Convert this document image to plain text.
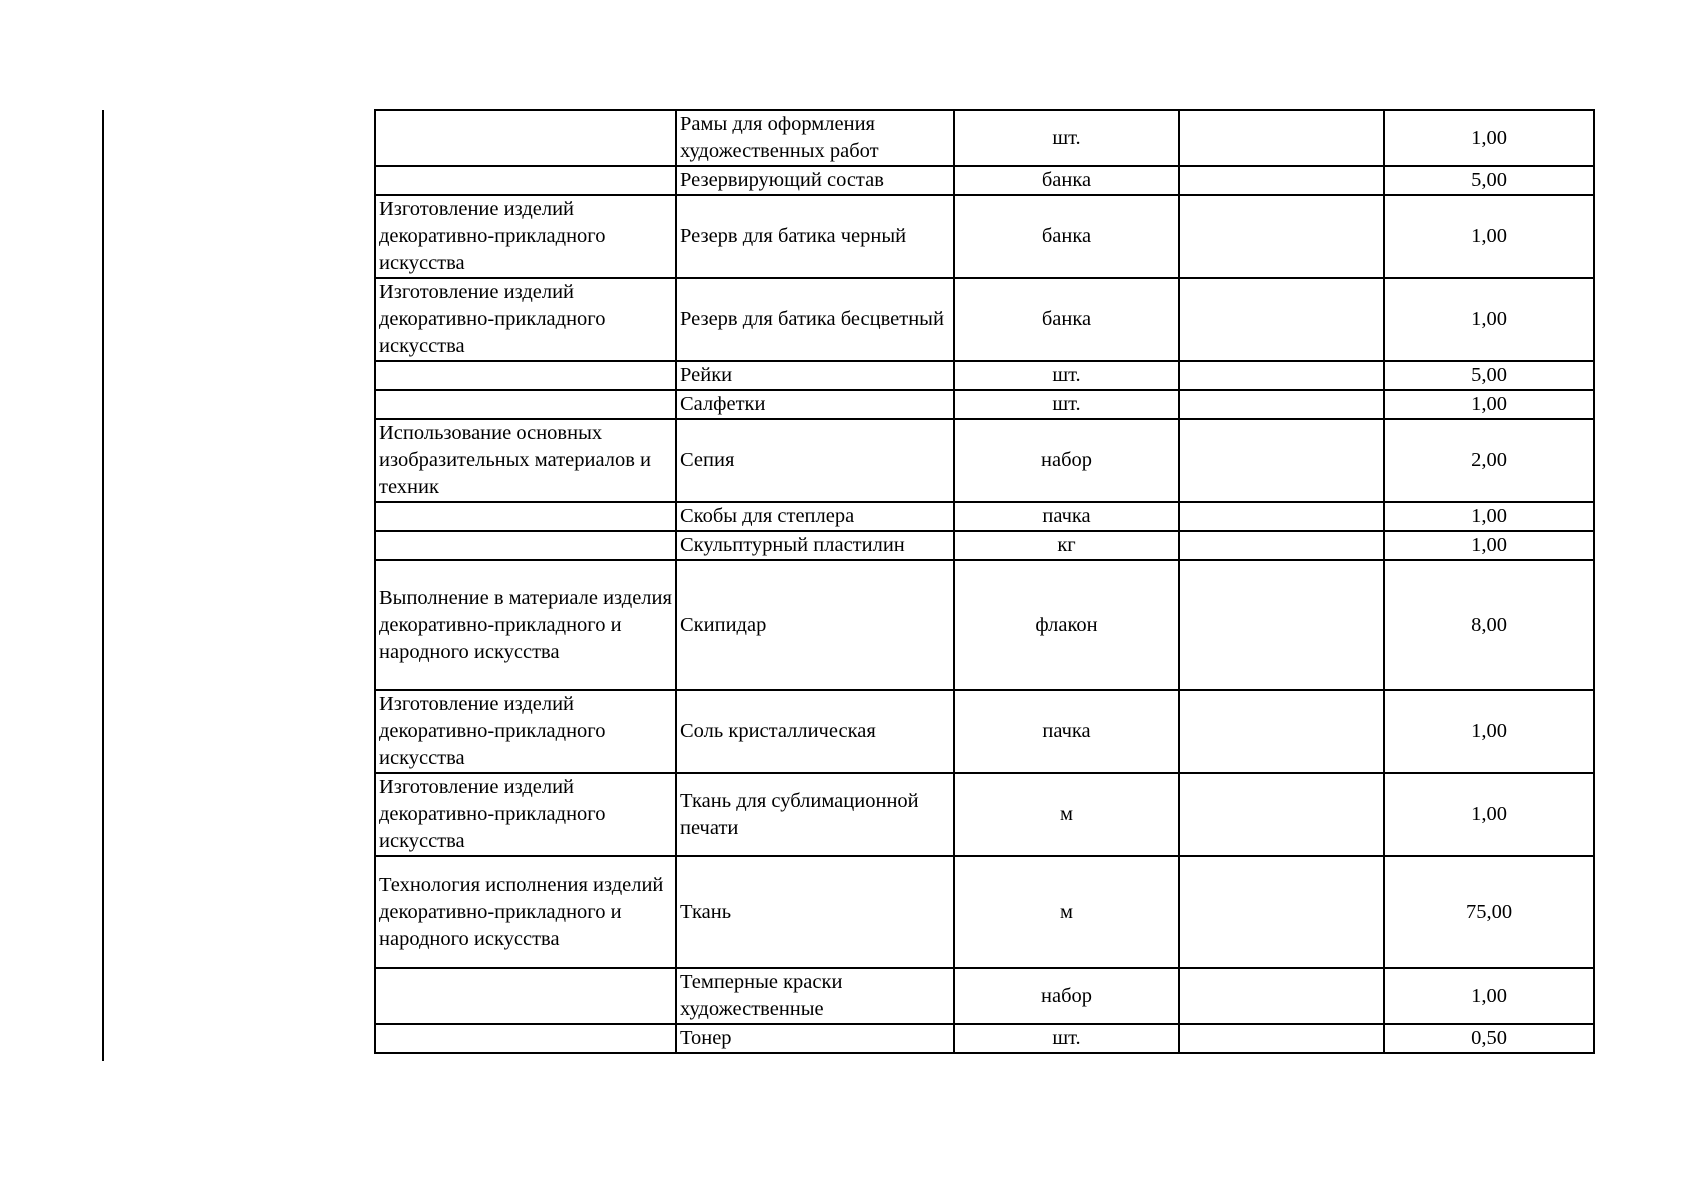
	Рамы для оформления художественных работ	шт.		1,00
	Резервирующий состав	банка		5,00
Изготовление изделий декоративно-прикладного искусства	Резерв для батика черный	банка		1,00
Изготовление изделий декоративно-прикладного искусства	Резерв для батика бесцветный	банка		1,00
	Рейки	шт.		5,00
	Салфетки	шт.		1,00
Использование основных изобразительных материалов и техник	Сепия	набор		2,00
	Скобы для степлера	пачка		1,00
	Скульптурный пластилин	кг		1,00
Выполнение в материале изделия декоративно-прикладного и народного искусства	Скипидар	флакон		8,00
Изготовление изделий декоративно-прикладного искусства	Соль кристаллическая	пачка		1,00
Изготовление изделий декоративно-прикладного искусства	Ткань для сублимационной печати	м		1,00
Технология исполнения изделий декоративно-прикладного и народного искусства	Ткань	м		75,00
	Темперные краски художественные	набор		1,00
	Тонер	шт.		0,50
